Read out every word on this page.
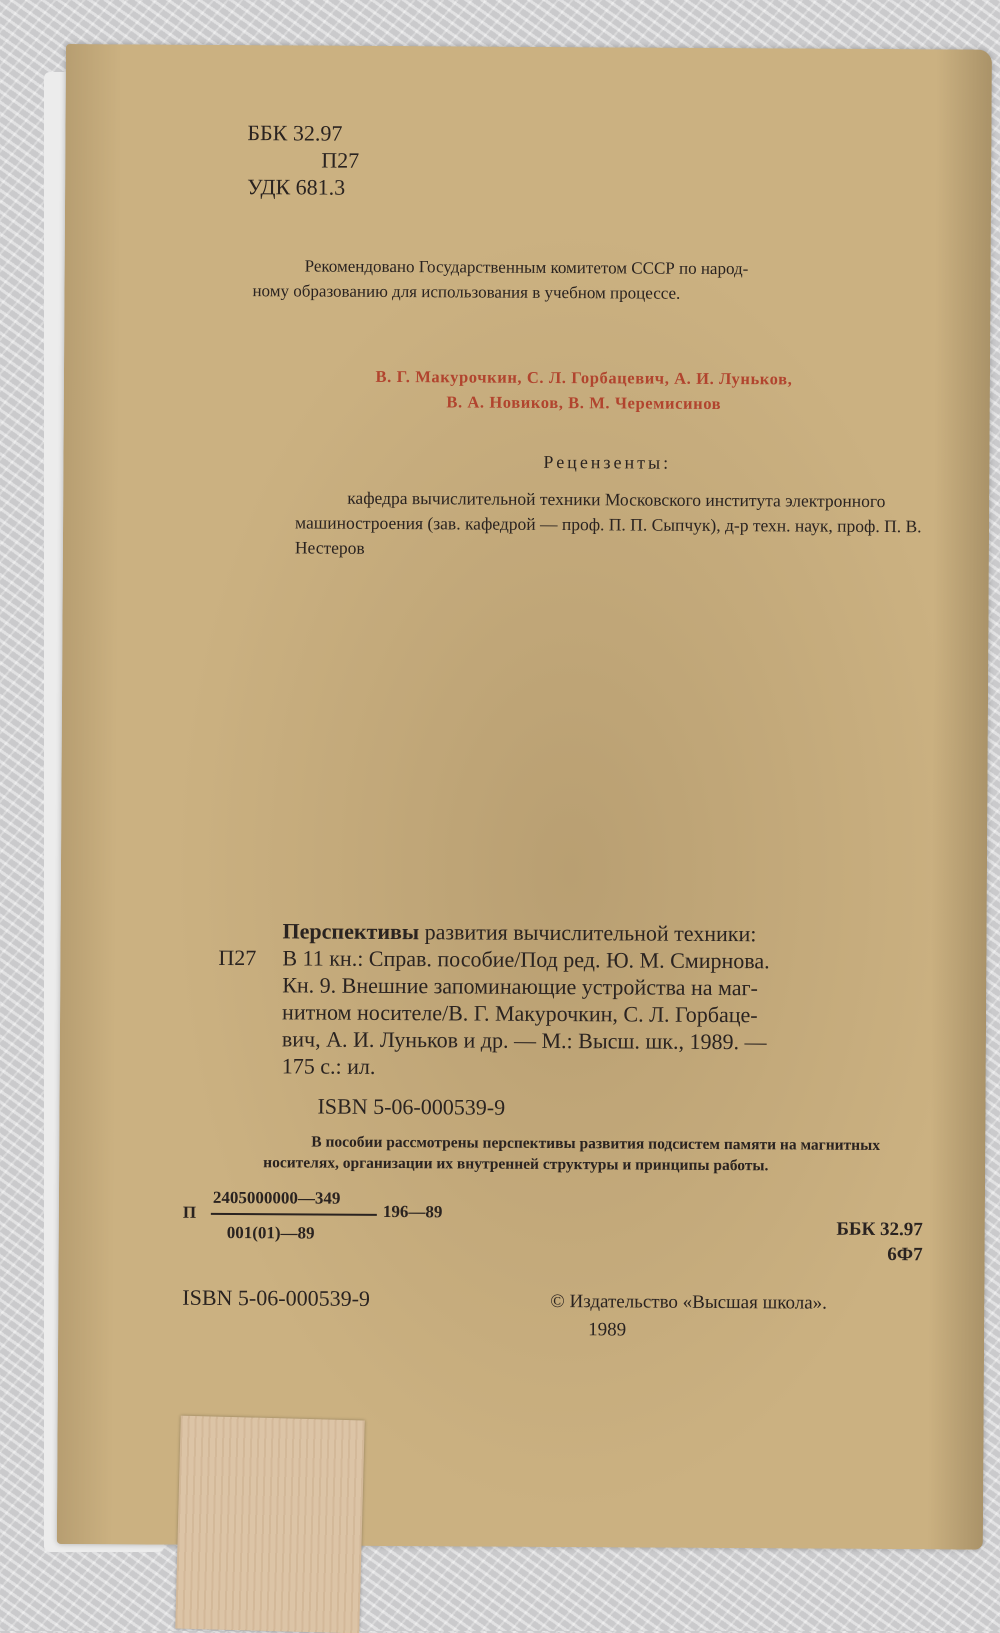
ББК 32.97
П27
УДК 681.3
Рекомендовано Государственным комитетом СССР по народ-
ному образованию для использования в учебном процессе.
В. Г. Макурочкин, С. Л. Горбацевич, А. И. Луньков,
В. А. Новиков, В. М. Черемисинов
Рецензенты:
кафедра вычислительной техники Московского института электронного машиностроения (зав. кафедрой — проф. П. П. Сыпчук), д-р техн. наук, проф. П. В. Нестеров
Перспективы развития вычислительной техники:
П27 В 11 кн.: Справ. пособие/Под ред. Ю. М. Смирнова.
Кн. 9. Внешние запоминающие устройства на маг-
нитном носителе/В. Г. Макурочкин, С. Л. Горбаце-
вич, А. И. Луньков и др. — М.: Высш. шк., 1989. —
175 с.: ил.
ISBN 5-06-000539-9
В пособии рассмотрены перспективы развития подсистем памяти на магнитных носителях, организации их внутренней структуры и принципы работы.
П
2405000000—349
001(01)—89
196—89
ББК 32.97
6Ф7
ISBN 5-06-000539-9	© Издательство «Высшая школа».
1989
